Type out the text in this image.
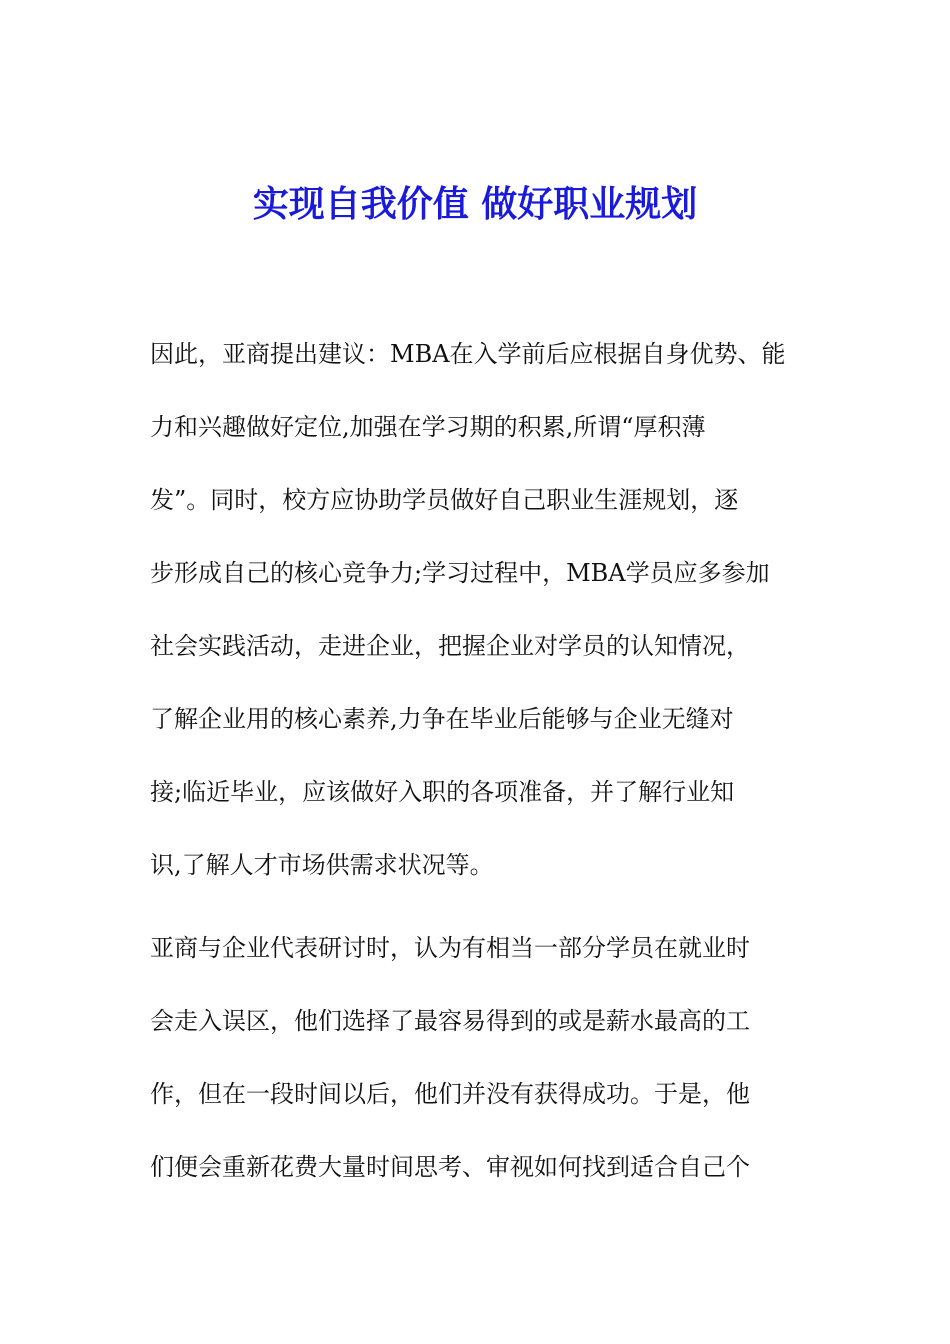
实现自我价值 做好职业规划

因此，亚商提出建议：MBA在入学前后应根据自身优势、能

力和兴趣做好定位,加强在学习期的积累,所谓“厚积薄

发”。同时，校方应协助学员做好自己职业生涯规划，逐

步形成自己的核心竞争力;学习过程中，MBA学员应多参加

社会实践活动，走进企业，把握企业对学员的认知情况，

了解企业用的核心素养,力争在毕业后能够与企业无缝对

接;临近毕业，应该做好入职的各项准备，并了解行业知

识,了解人才市场供需求状况等。

亚商与企业代表研讨时，认为有相当一部分学员在就业时

会走入误区，他们选择了最容易得到的或是薪水最高的工

作，但在一段时间以后，他们并没有获得成功。于是，他

们便会重新花费大量时间思考、审视如何找到适合自己个
